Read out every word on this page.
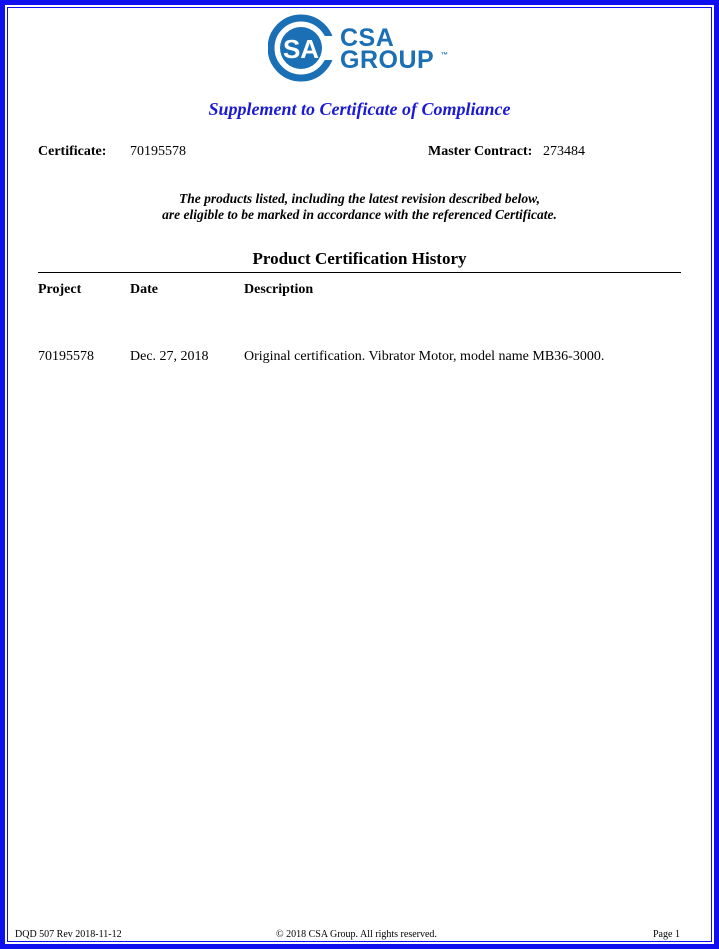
SA CSA
GROUP ™
Supplement to Certificate of Compliance
Certificate: 70195578	Master Contract: 273484
The products listed, including the latest revision described below,
are eligible to be marked in accordance with the referenced Certificate.
Product Certification History
Project	Date	Description
70195578	Dec. 27, 2018	Original certification. Vibrator Motor, model name MB36-3000.
DQD 507 Rev 2018-11-12	© 2018 CSA Group. All rights reserved.	Page 1
